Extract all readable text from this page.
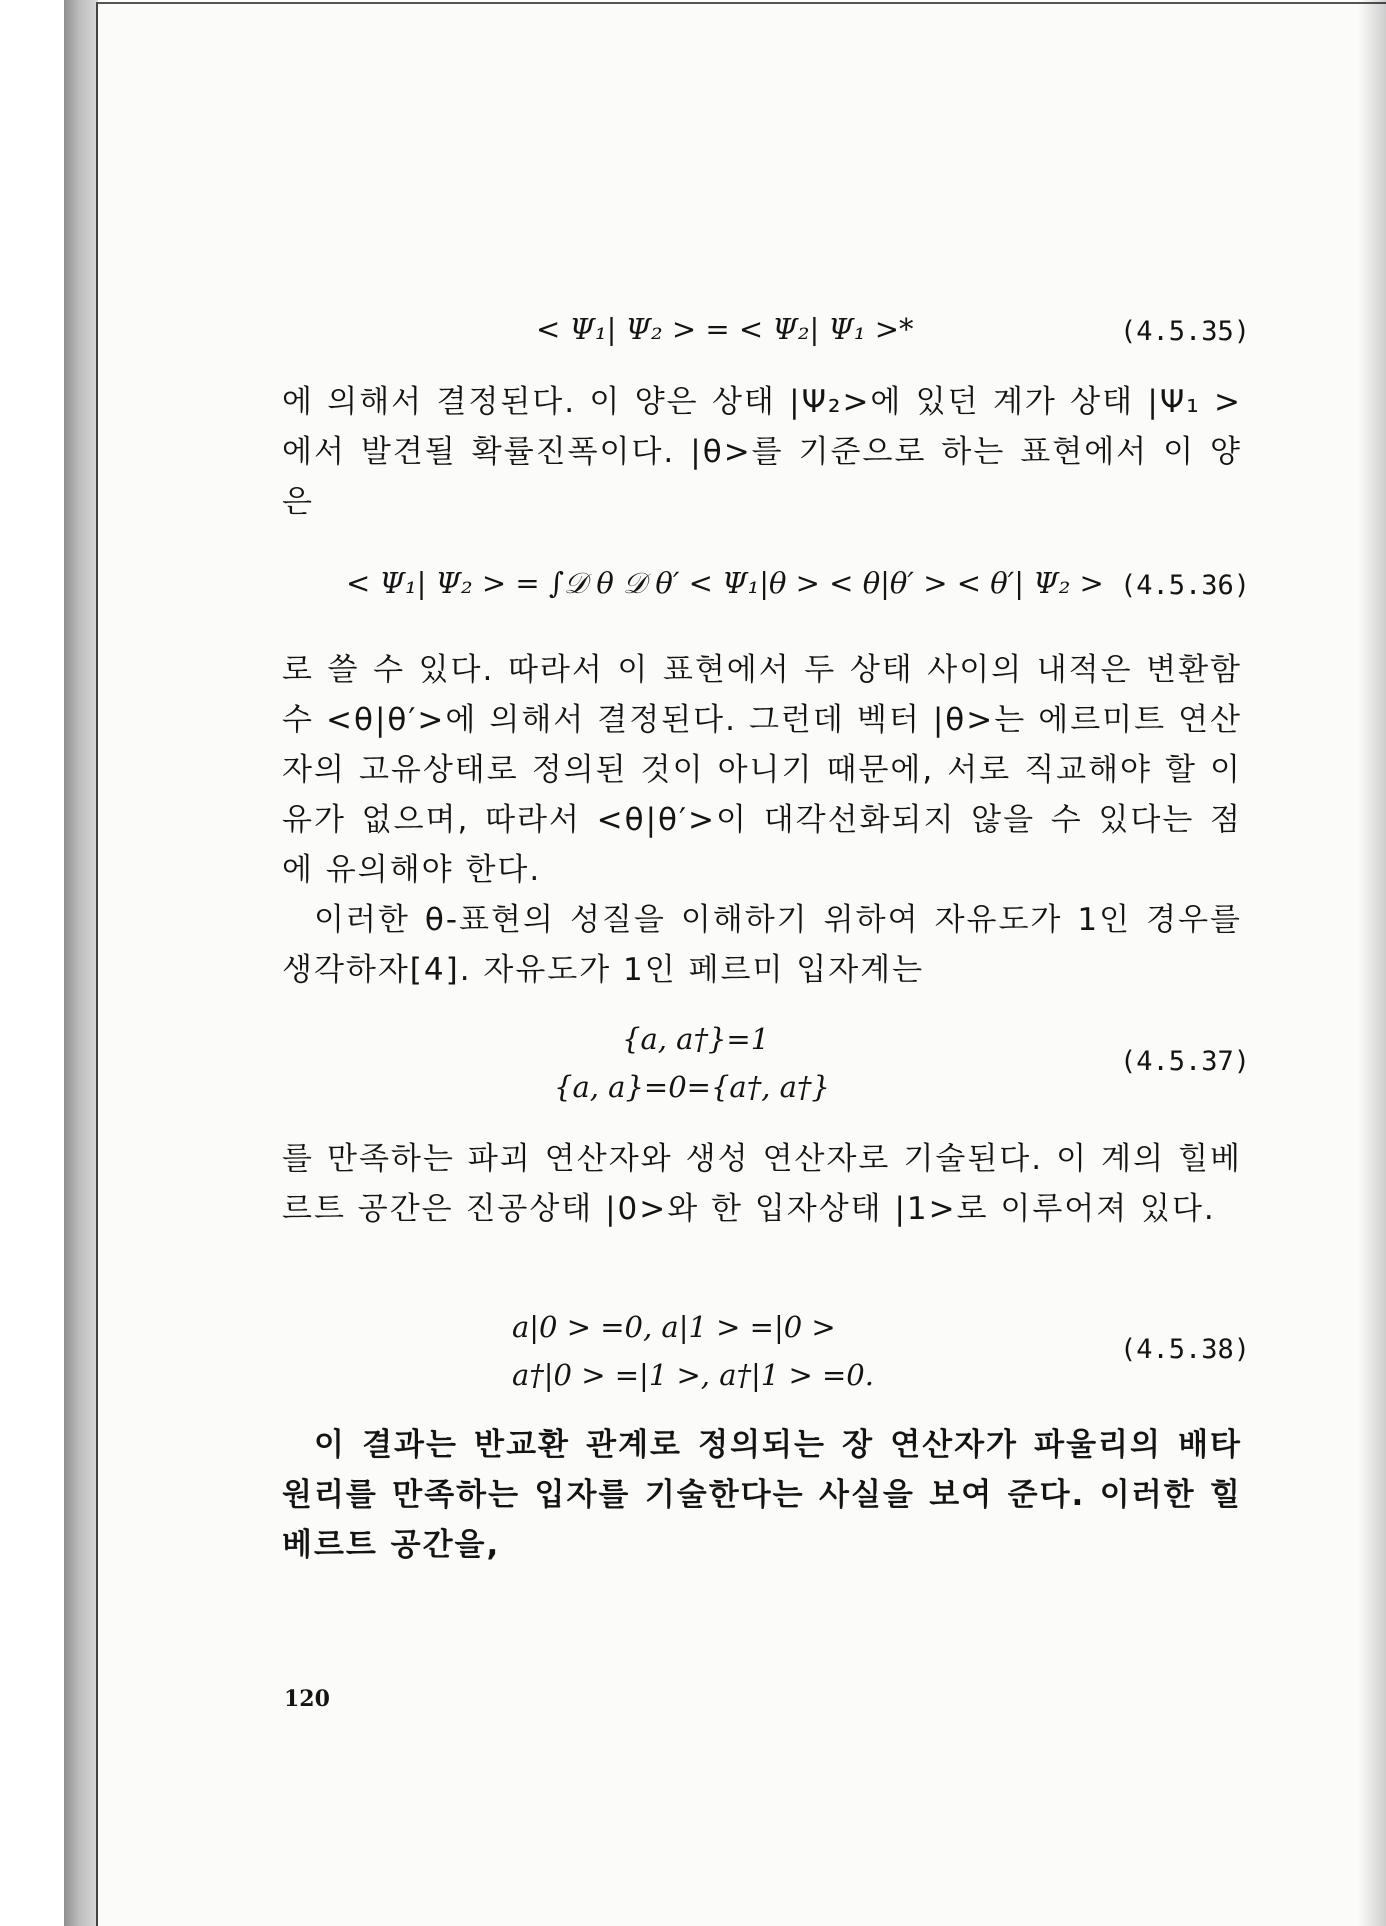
< Ψ₁| Ψ₂ > = < Ψ₂| Ψ₁ >*	(4.5.35)
에 의해서 결정된다. 이 양은 상태 |Ψ₂>에 있던 계가 상태 |Ψ₁ >에서 발견될 확률진폭이다. |θ>를 기준으로 하는 표현에서 이 양은
< Ψ₁| Ψ₂ > = ∫𝒟 θ 𝒟 θ′ < Ψ₁|θ > < θ|θ′ > < θ′| Ψ₂ > (4.5.36)
로 쓸 수 있다. 따라서 이 표현에서 두 상태 사이의 내적은 변환함수 <θ|θ′>에 의해서 결정된다. 그런데 벡터 |θ>는 에르미트 연산자의 고유상태로 정의된 것이 아니기 때문에, 서로 직교해야 할 이유가 없으며, 따라서 <θ|θ′>이 대각선화되지 않을 수 있다는 점에 유의해야 한다.
이러한 θ-표현의 성질을 이해하기 위하여 자유도가 1인 경우를 생각하자[4]. 자유도가 1인 페르미 입자계는
{a, a†}=1
{a, a}=0={a†, a†}
(4.5.37)
를 만족하는 파괴 연산자와 생성 연산자로 기술된다. 이 계의 힐베르트 공간은 진공상태 |0>와 한 입자상태 |1>로 이루어져 있다.
a|0 > =0, a|1 > =|0 >
a†|0 > =|1 >, a†|1 > =0.
(4.5.38)
이 결과는 반교환 관계로 정의되는 장 연산자가 파울리의 배타원리를 만족하는 입자를 기술한다는 사실을 보여 준다. 이러한 힐베르트 공간을,
120
